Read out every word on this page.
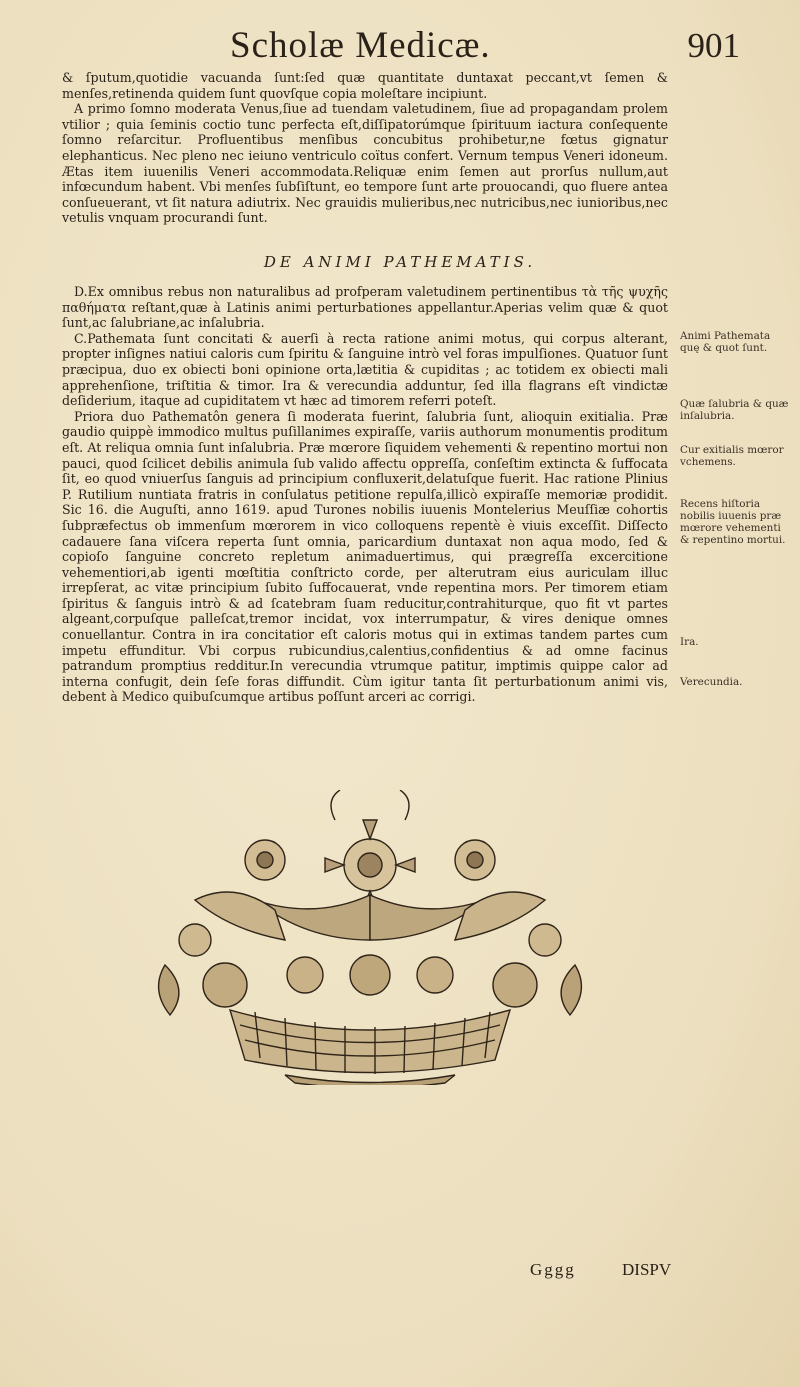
Scholæ Medicæ.	901

& ſputum,quotidie vacuanda ſunt:ſed quæ quantitate duntaxat peccant,vt ſemen & menſes,retinenda quidem ſunt quovſque copia moleſtare incipiunt.

A primo ſomno moderata Venus,ſiue ad tuendam valetudinem, ſiue ad propagandam prolem vtilior ; quia ſeminis coctio tunc perfecta eſt,diſſipatorúmque ſpirituum iactura conſequente ſomno reſarcitur. Profluentibus menſibus concubitus prohibetur,ne fœtus gignatur elephanticus. Nec pleno nec ieiuno ventriculo coïtus confert. Vernum tempus Veneri idoneum. Ætas item iuuenilis Veneri accommodata.Reliquæ enim ſemen aut prorſus nullum,aut infœcundum habent. Vbi menſes ſubſiſtunt, eo tempore ſunt arte prouocandi, quo fluere antea conſueuerant, vt ſit natura adiutrix. Nec grauidis mulieribus,nec nutricibus,nec iunioribus,nec vetulis vnquam procurandi ſunt.

DE ANIMI PATHEMATIS.

D.Ex omnibus rebus non naturalibus ad profperam valetudinem pertinentibus τὰ τῆς ψυχῆς παθήματα reſtant,quæ à Latinis animi perturbationes appellantur.Aperias velim quæ & quot ſunt,ac ſalubriane,ac inſalubria.

C.Pathemata ſunt concitati & auerſi à recta ratione animi motus, qui corpus alterant, propter inſignes natiui caloris cum ſpiritu & ſanguine intrò vel foras impulſiones. Quatuor ſunt præcipua, duo ex obiecti boni opinione orta,lætitia & cupiditas ; ac totidem ex obiecti mali apprehenſione, triſtitia & timor. Ira & verecundia adduntur, ſed illa flagrans eſt vindictæ deſiderium, itaque ad cupiditatem vt hæc ad timorem referri poteſt.

Priora duo Pathematôn genera ſi moderata fuerint, ſalubria ſunt, alioquin exitialia. Præ gaudio quippè immodico multus puſillanimes expiraſſe, variis authorum monumentis proditum eſt. At reliqua omnia ſunt inſalubria. Præ mœrore ſiquidem vehementi & repentino mortui non pauci, quod ſcilicet debilis animula ſub valido affectu oppreſſa, conſeſtim extincta & ſuffocata ſit, eo quod vniuerſus ſanguis ad principium confluxerit,delatuſque fuerit. Hac ratione Plinius P. Rutilium nuntiata fratris in conſulatus petitione repulſa,illicò expiraſſe memoriæ prodidit. Sic 16. die Auguſti, anno 1619. apud Turones nobilis iuuenis Montelerius Meuſſiæ cohortis ſubpræfectus ob immenſum mœrorem in vico colloquens repentè è viuis exceſſit. Diſſecto cadauere ſana viſcera reperta ſunt omnia, paricardium duntaxat non aqua modo, ſed & copioſo ſanguine concreto repletum animaduertimus, qui prægreſſa excercitione vehementiori,ab igenti mœſtitia conſtricto corde, per alterutram eius auriculam illuc irrepſerat, ac vitæ principium ſubito ſuffocauerat, vnde repentina mors. Per timorem etiam ſpiritus & ſanguis intrò & ad ſcatebram ſuam reducitur,contrahiturque, quo fit vt partes algeant,corpuſque palleſcat,tremor incidat, vox interrumpatur, & vires denique omnes conuellantur. Contra in ira concitatior eſt caloris motus qui in extimas tandem partes cum impetu effunditur. Vbi corpus rubicundius,calentius,confidentius & ad omne facinus patrandum promptius redditur.In verecundia vtrumque patitur, imptimis quippe calor ad interna confugit, dein ſeſe foras diffundit. Cùm igitur tanta ſit perturbationum animi vis, debent à Medico quibuſcumque artibus poſſunt arceri ac corrigi.

Animi Pathemata quę & quot ſunt.
Quæ ſalubria & quæ inſalubria.
Cur exitialis mœror vchemens.
Recens hiſtoria nobilis iuuenis præ mœrore vehementi & repentino mortui.
Ira.
Verecundia.
Gggg	DISPV
